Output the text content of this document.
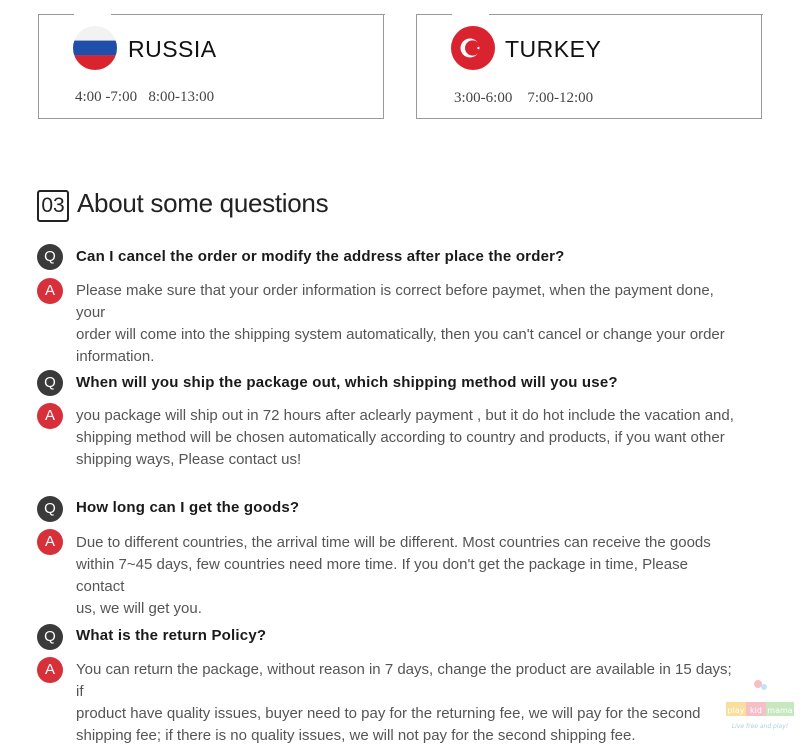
RUSSIA
4:00 -7:00   8:00-13:00
TURKEY
3:00-6:00    7:00-12:00
03 About some questions
Q	Can I cancel the order or modify the address after place the order?
A	Please make sure that your order information is correct before paymet, when the payment done, your
order will come into the shipping system automatically, then you can't cancel or change your order
information.
Q	When will you ship the package out, which shipping method will you use?
A	you package will ship out in 72 hours after aclearly payment , but it do hot include the vacation and,
shipping method will be chosen automatically according to country and products, if you want other
shipping ways, Please contact us!
Q	How long can I get the goods?
A	Due to different countries, the arrival time will be different. Most countries can receive the goods
within 7~45 days, few countries need more time. If you don't get the package in time, Please contact
us, we will get you.
Q	What is the return Policy?
A	You can return the package, without reason in 7 days, change the product are available in 15 days; if
product have quality issues, buyer need to pay for the returning fee, we will pay for the second
shipping fee; if there is no quality issues, we will not pay for the second shipping fee.
play kid mama
Live free and play!
